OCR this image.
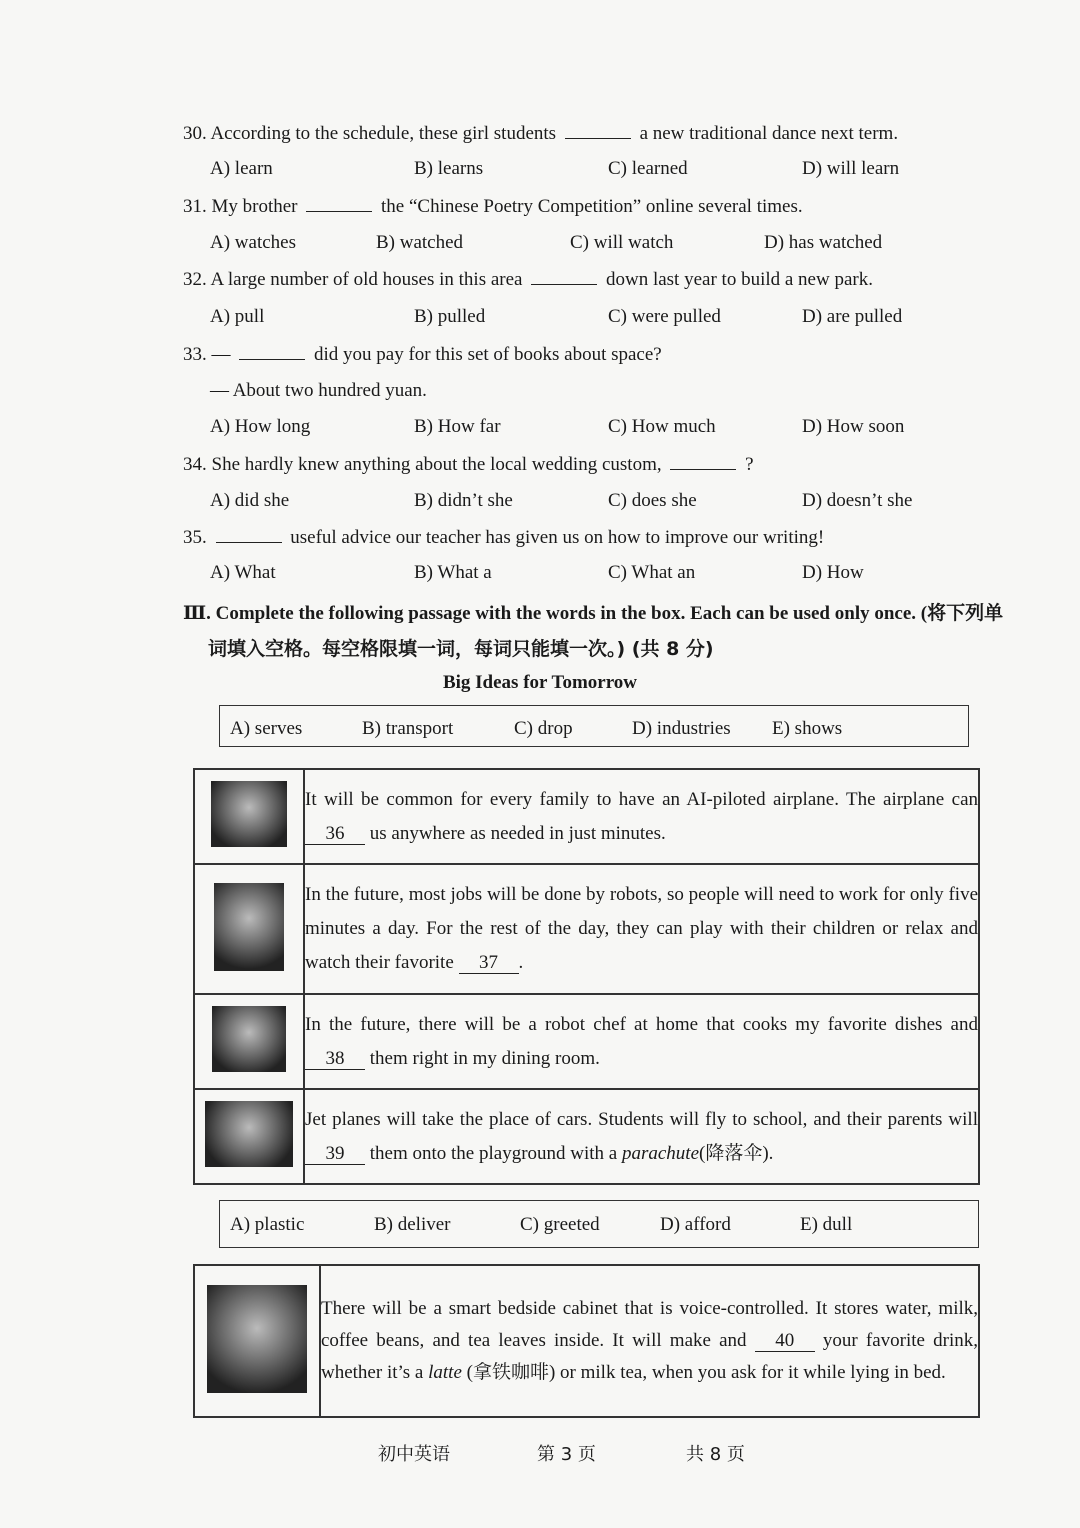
30. According to the schedule, these girl students	a new traditional dance next term.
A) learn	B) learns	C) learned	D) will learn
31. My brother	the “Chinese Poetry Competition” online several times.
A) watches	B) watched	C) will watch	D) has watched
32. A large number of old houses in this area	down last year to build a new park.
A) pull	B) pulled	C) were pulled	D) are pulled
33. —	did you pay for this set of books about space?
— About two hundred yuan.
A) How long	B) How far	C) How much	D) How soon
34. She hardly knew anything about the local wedding custom,	?
A) did she	B) didn’t she	C) does she	D) doesn’t she
35.	useful advice our teacher has given us on how to improve our writing!
A) What	B) What a	C) What an	D) How
Ⅲ. Complete the following passage with the words in the box. Each can be used only once. (将下列单
词填入空格。每空格限填一词，每词只能填一次。) (共 8 分)
Big Ideas for Tomorrow
A) serves	B) transport	C) drop	D) industries E) shows
	It will be common for every family to have an AI-piloted airplane. The airplane can 36 us anywhere as needed in just minutes.
	In the future, most jobs will be done by robots, so people will need to work for only five minutes a day. For the rest of the day, they can play with their children or relax and watch their favorite 37 .
	In the future, there will be a robot chef at home that cooks my favorite dishes and 38 them right in my dining room.
	Jet planes will take the place of cars. Students will fly to school, and their parents will 39 them onto the playground with a parachute(降落伞).
A) plastic	B) deliver	C) greeted	D) afford	E) dull
	There will be a smart bedside cabinet that is voice-controlled. It stores water, milk, coffee beans, and tea leaves inside. It will make and 40 your favorite drink, whether it’s a latte (拿铁咖啡) or milk tea, when you ask for it while lying in bed.
初中英语	第 3 页	共 8 页
